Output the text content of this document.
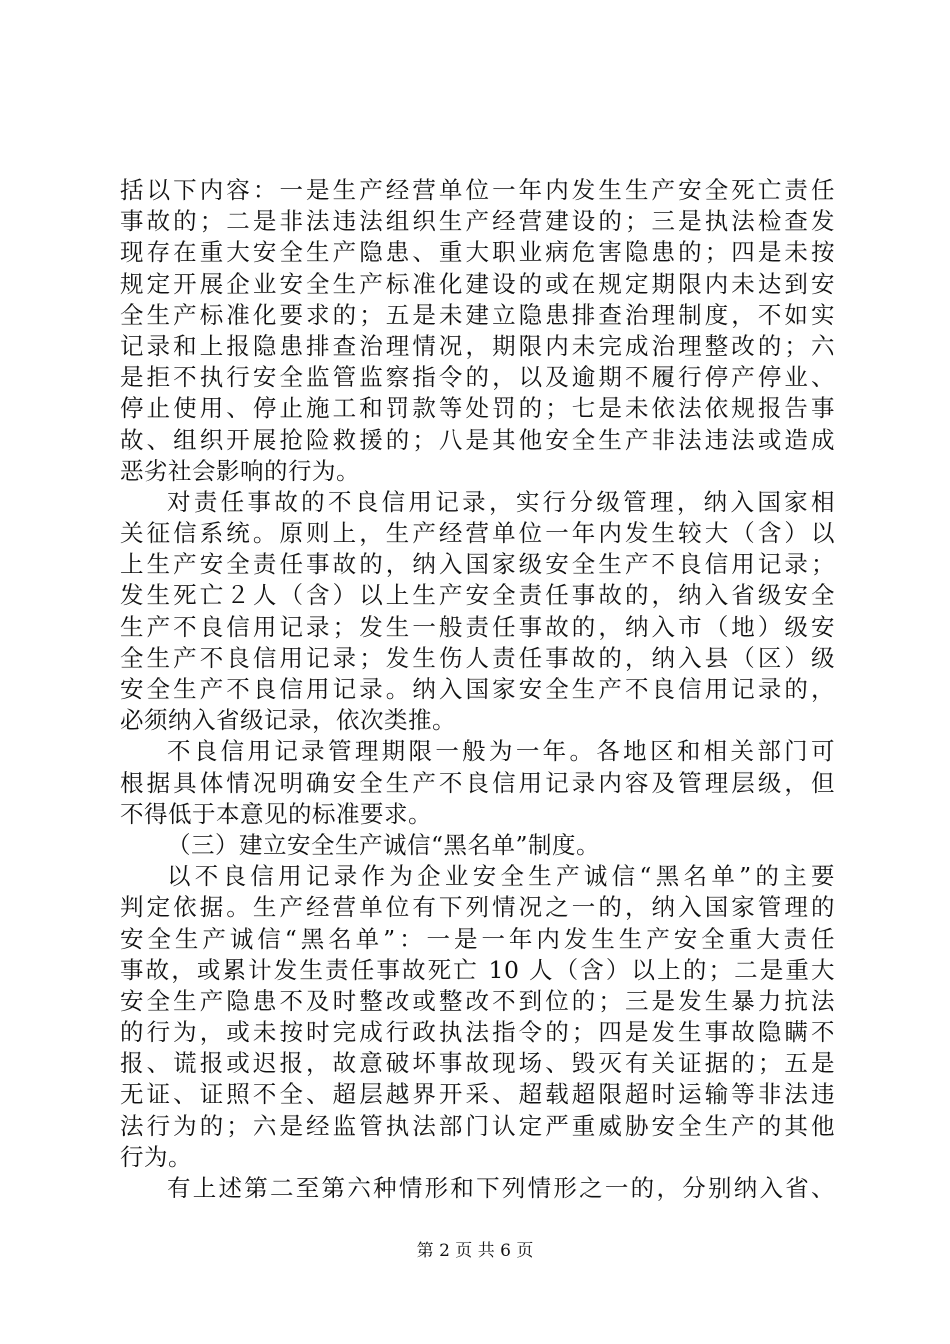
括以下内容：一是生产经营单位一年内发生生产安全死亡责任
事故的；二是非法违法组织生产经营建设的；三是执法检查发
现存在重大安全生产隐患、重大职业病危害隐患的；四是未按
规定开展企业安全生产标准化建设的或在规定期限内未达到安
全生产标准化要求的；五是未建立隐患排查治理制度，不如实
记录和上报隐患排查治理情况，期限内未完成治理整改的；六
是拒不执行安全监管监察指令的，以及逾期不履行停产停业、
停止使用、停止施工和罚款等处罚的；七是未依法依规报告事
故、组织开展抢险救援的；八是其他安全生产非法违法或造成
恶劣社会影响的行为。
对责任事故的不良信用记录，实行分级管理，纳入国家相
关征信系统。原则上，生产经营单位一年内发生较大（含）以
上生产安全责任事故的，纳入国家级安全生产不良信用记录；
发生死亡２人（含）以上生产安全责任事故的，纳入省级安全
生产不良信用记录；发生一般责任事故的，纳入市（地）级安
全生产不良信用记录；发生伤人责任事故的，纳入县（区）级
安全生产不良信用记录。纳入国家安全生产不良信用记录的，
必须纳入省级记录，依次类推。
不良信用记录管理期限一般为一年。各地区和相关部门可
根据具体情况明确安全生产不良信用记录内容及管理层级，但
不得低于本意见的标准要求。
（三）建立安全生产诚信“黑名单”制度。
以不良信用记录作为企业安全生产诚信“黑名单”的主要
判定依据。生产经营单位有下列情况之一的，纳入国家管理的
安全生产诚信“黑名单”：一是一年内发生生产安全重大责任
事故，或累计发生责任事故死亡 10 人（含）以上的；二是重大
安全生产隐患不及时整改或整改不到位的；三是发生暴力抗法
的行为，或未按时完成行政执法指令的；四是发生事故隐瞒不
报、谎报或迟报，故意破坏事故现场、毁灭有关证据的；五是
无证、证照不全、超层越界开采、超载超限超时运输等非法违
法行为的；六是经监管执法部门认定严重威胁安全生产的其他
行为。
有上述第二至第六种情形和下列情形之一的，分别纳入省、
第 2 页 共 6 页
